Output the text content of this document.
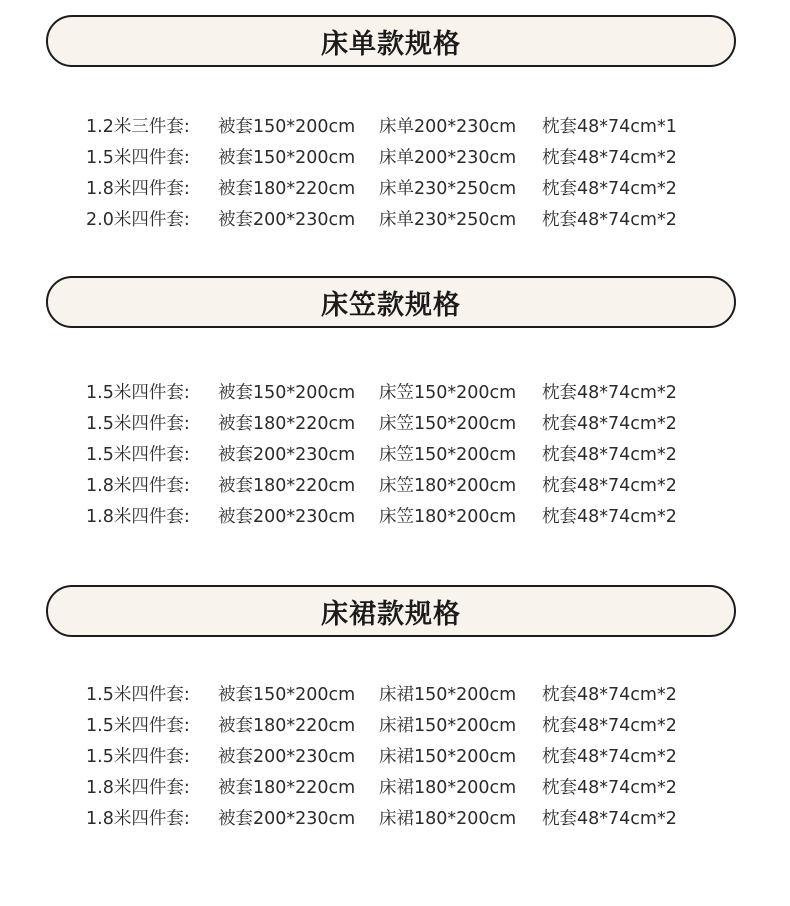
床单款规格
1.2米三件套:	被套150*200cm	床单200*230cm	枕套48*74cm*1
1.5米四件套:	被套150*200cm	床单200*230cm	枕套48*74cm*2
1.8米四件套:	被套180*220cm	床单230*250cm	枕套48*74cm*2
2.0米四件套:	被套200*230cm	床单230*250cm	枕套48*74cm*2
床笠款规格
1.5米四件套:	被套150*200cm	床笠150*200cm	枕套48*74cm*2
1.5米四件套:	被套180*220cm	床笠150*200cm	枕套48*74cm*2
1.5米四件套:	被套200*230cm	床笠150*200cm	枕套48*74cm*2
1.8米四件套:	被套180*220cm	床笠180*200cm	枕套48*74cm*2
1.8米四件套:	被套200*230cm	床笠180*200cm	枕套48*74cm*2
床裙款规格
1.5米四件套:	被套150*200cm	床裙150*200cm	枕套48*74cm*2
1.5米四件套:	被套180*220cm	床裙150*200cm	枕套48*74cm*2
1.5米四件套:	被套200*230cm	床裙150*200cm	枕套48*74cm*2
1.8米四件套:	被套180*220cm	床裙180*200cm	枕套48*74cm*2
1.8米四件套:	被套200*230cm	床裙180*200cm	枕套48*74cm*2
